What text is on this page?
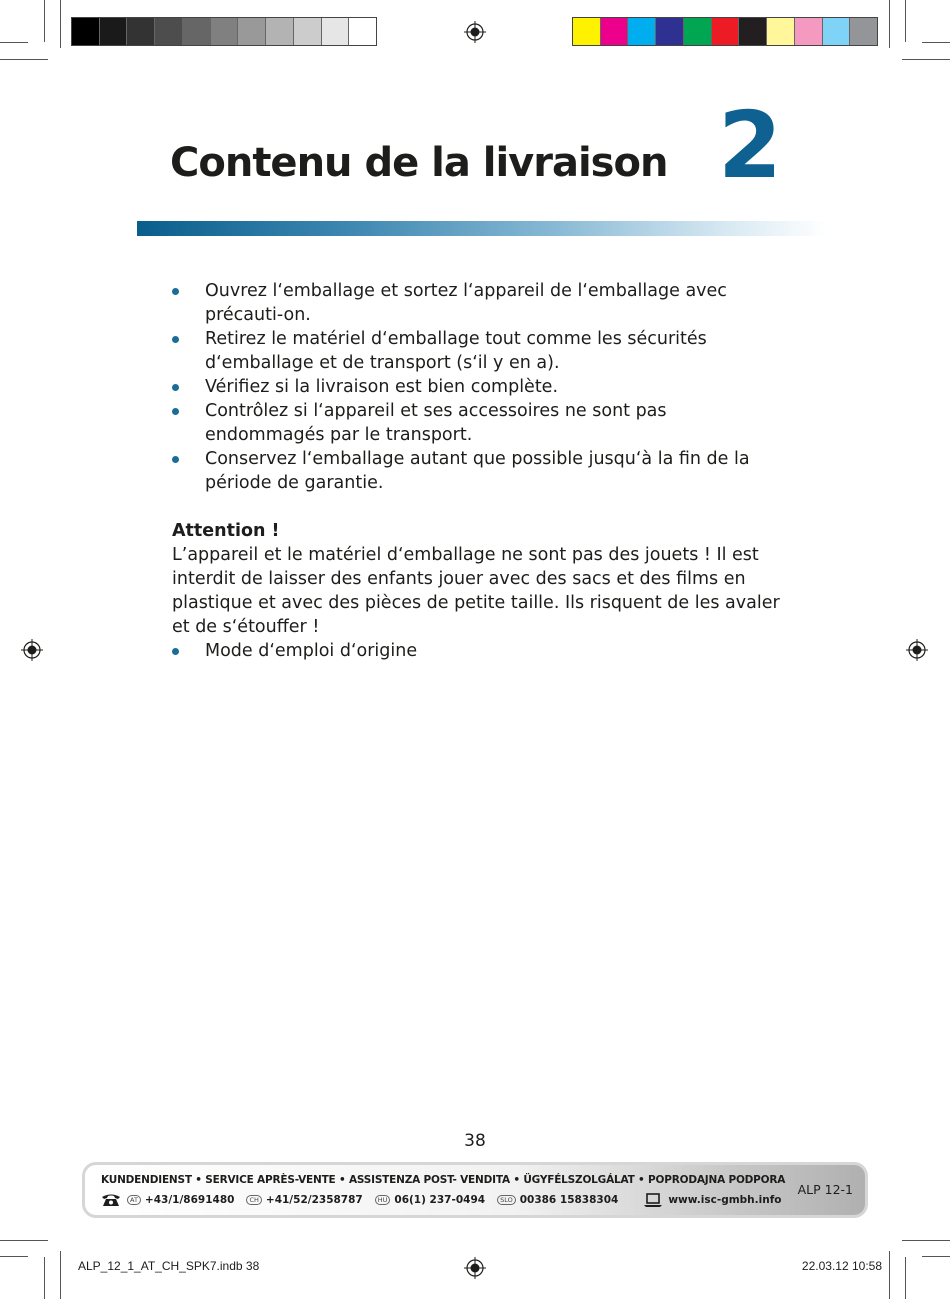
Contenu de la livraison 2
Ouvrez l‘emballage et sortez l‘appareil de l‘emballage avec précauti-on.
Retirez le matériel d‘emballage tout comme les sécurités d‘emballage et de transport (s‘il y en a).
Vérifiez si la livraison est bien complète.
Contrôlez si l‘appareil et ses accessoires ne sont pas endommagés par le transport.
Conservez l‘emballage autant que possible jusqu‘à la fin de la période de garantie.
Attention !

L’appareil et le matériel d‘emballage ne sont pas des jouets ! Il est interdit de laisser des enfants jouer avec des sacs et des films en plastique et avec des pièces de petite taille. Ils risquent de les avaler et de s‘étouffer !

Mode d‘emploi d‘origine
38
KUNDENDIENST • SERVICE APRÈS-VENTE • ASSISTENZA POST- VENDITA • ÜGYFÉLSZOLGÁLAT • POPRODAJNA PODPORA
AT +43/1/8691480	CH +41/52/2358787	HU 06(1) 237-0494	SLO 00386 15838304	www.isc-gmbh.info
ALP 12-1
ALP_12_1_AT_CH_SPK7.indb 38	22.03.12 10:58
